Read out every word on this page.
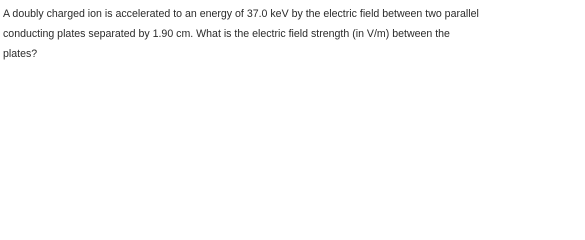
A doubly charged ion is accelerated to an energy of 37.0 keV by the electric field between two parallel
conducting plates separated by 1.90 cm. What is the electric field strength (in V/m) between the
plates?
